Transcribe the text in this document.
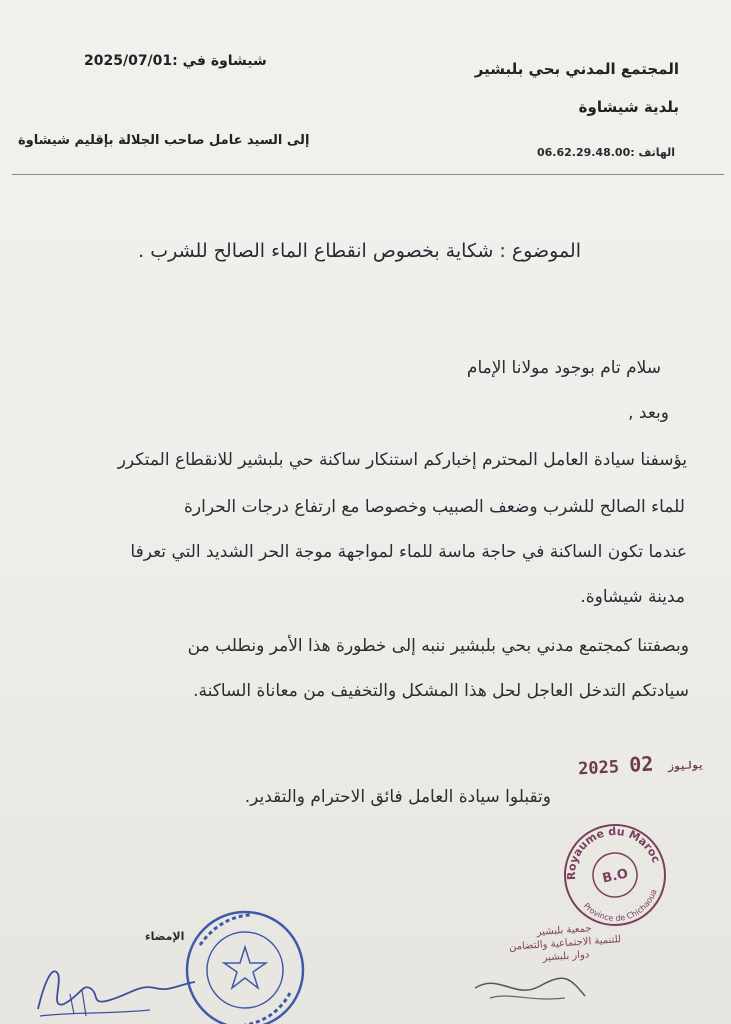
المجتمع المدني بحي بلبشير
بلدية شيشاوة
الهاتف :06.62.29.48.00
شيشاوة في :2025/07/01
إلى السيد عامل صاحب الجلالة بإقليم شيشاوة
الموضوع : شكاية بخصوص انقطاع الماء الصالح للشرب .
سلام تام بوجود مولانا الإمام
وبعد ,
يؤسفنا سيادة العامل المحترم إخباركم استنكار ساكنة حي بلبشير للانقطاع المتكرر
للماء الصالح للشرب وضعف الصبيب وخصوصا مع ارتفاع درجات الحرارة
عندما تكون الساكنة في حاجة ماسة للماء لمواجهة موجة الحر الشديد التي تعرفا
مدينة شيشاوة.
وبصفتنا كمجتمع مدني بحي بلبشير ننبه إلى خطورة هذا الأمر ونطلب من
سيادتكم التدخل العاجل لحل هذا المشكل والتخفيف من معاناة الساكنة.
2025	يوليوز 02
وتقبلوا سيادة العامل فائق الاحترام والتقدير.
Royaume du Maroc
Province de Chichaoua
B.O
جمعية بلبشير
للتنمية الاجتماعية والتضامن
دوار بلبشير
الإمضاء
